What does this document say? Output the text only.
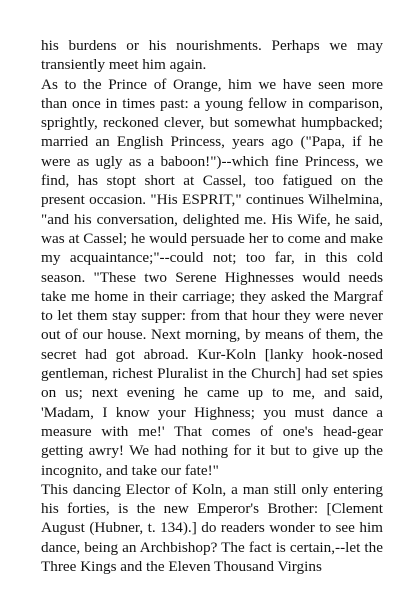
his burdens or his nourishments. Perhaps we may transiently meet him again.

As to the Prince of Orange, him we have seen more than once in times past: a young fellow in comparison, sprightly, reckoned clever, but somewhat humpbacked; married an English Princess, years ago ("Papa, if he were as ugly as a baboon!")--which fine Princess, we find, has stopt short at Cassel, too fatigued on the present occasion. "His ESPRIT," continues Wilhelmina, "and his conversation, delighted me. His Wife, he said, was at Cassel; he would persuade her to come and make my acquaintance;"--could not; too far, in this cold season. "These two Serene Highnesses would needs take me home in their carriage; they asked the Margraf to let them stay supper: from that hour they were never out of our house. Next morning, by means of them, the secret had got abroad. Kur-Koln [lanky hook-nosed gentleman, richest Pluralist in the Church] had set spies on us; next evening he came up to me, and said, 'Madam, I know your Highness; you must dance a measure with me!' That comes of one's head-gear getting awry! We had nothing for it but to give up the incognito, and take our fate!"

This dancing Elector of Koln, a man still only entering his forties, is the new Emperor's Brother: [Clement August (Hubner, t. 134).] do readers wonder to see him dance, being an Archbishop? The fact is certain,--let the Three Kings and the Eleven Thousand Virgins
